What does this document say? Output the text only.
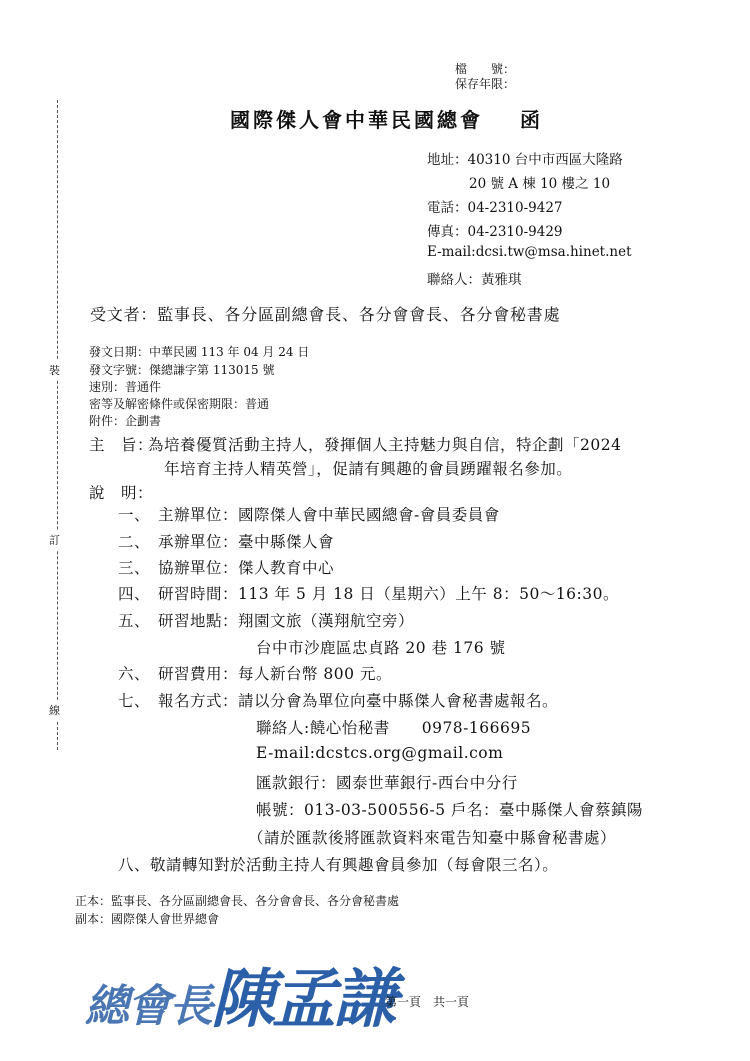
檔　　號：
保存年限：
國際傑人會中華民國總會 函
地址：40310 台中市西區大隆路
20 號 A 棟 10 樓之 10
電話：04-2310-9427
傳真：04-2310-9429
E-mail:dcsi.tw@msa.hinet.net
聯絡人：黃雅琪
受文者：監事長、各分區副總會長、各分會會長、各分會秘書處
裝
訂
線
發文日期：中華民國 113 年 04 月 24 日
發文字號：傑總謙字第 113015 號
速別：普通件
密等及解密條件或保密期限：普通
附件：企劃書
主　旨：
為培養優質活動主持人，發揮個人主持魅力與自信，特企劃「2024
年培育主持人精英營」，促請有興趣的會員踴躍報名參加。
說　明：
一、 主辦單位：國際傑人會中華民國總會-會員委員會
二、 承辦單位：臺中縣傑人會
三、 協辦單位：傑人教育中心
四、 研習時間：113 年 5 月 18 日（星期六）上午 8：50～16:30。
五、 研習地點：翔園文旅（漢翔航空旁）
台中市沙鹿區忠貞路 20 巷 176 號
六、 研習費用：每人新台幣 800 元。
七、 報名方式：請以分會為單位向臺中縣傑人會秘書處報名。
聯絡人:饒心怡秘書　　0978-166695
E-mail:dcstcs.org@gmail.com
匯款銀行：國泰世華銀行-西台中分行
帳號：013-03-500556-5 戶名：臺中縣傑人會蔡鎮陽
（請於匯款後將匯款資料來電告知臺中縣會秘書處）
八、敬請轉知對於活動主持人有興趣會員參加（每會限三名）。
正本：監事長、各分區副總會長、各分會會長、各分會秘書處
副本：國際傑人會世界總會
總會長陳孟謙
第一頁　共一頁
